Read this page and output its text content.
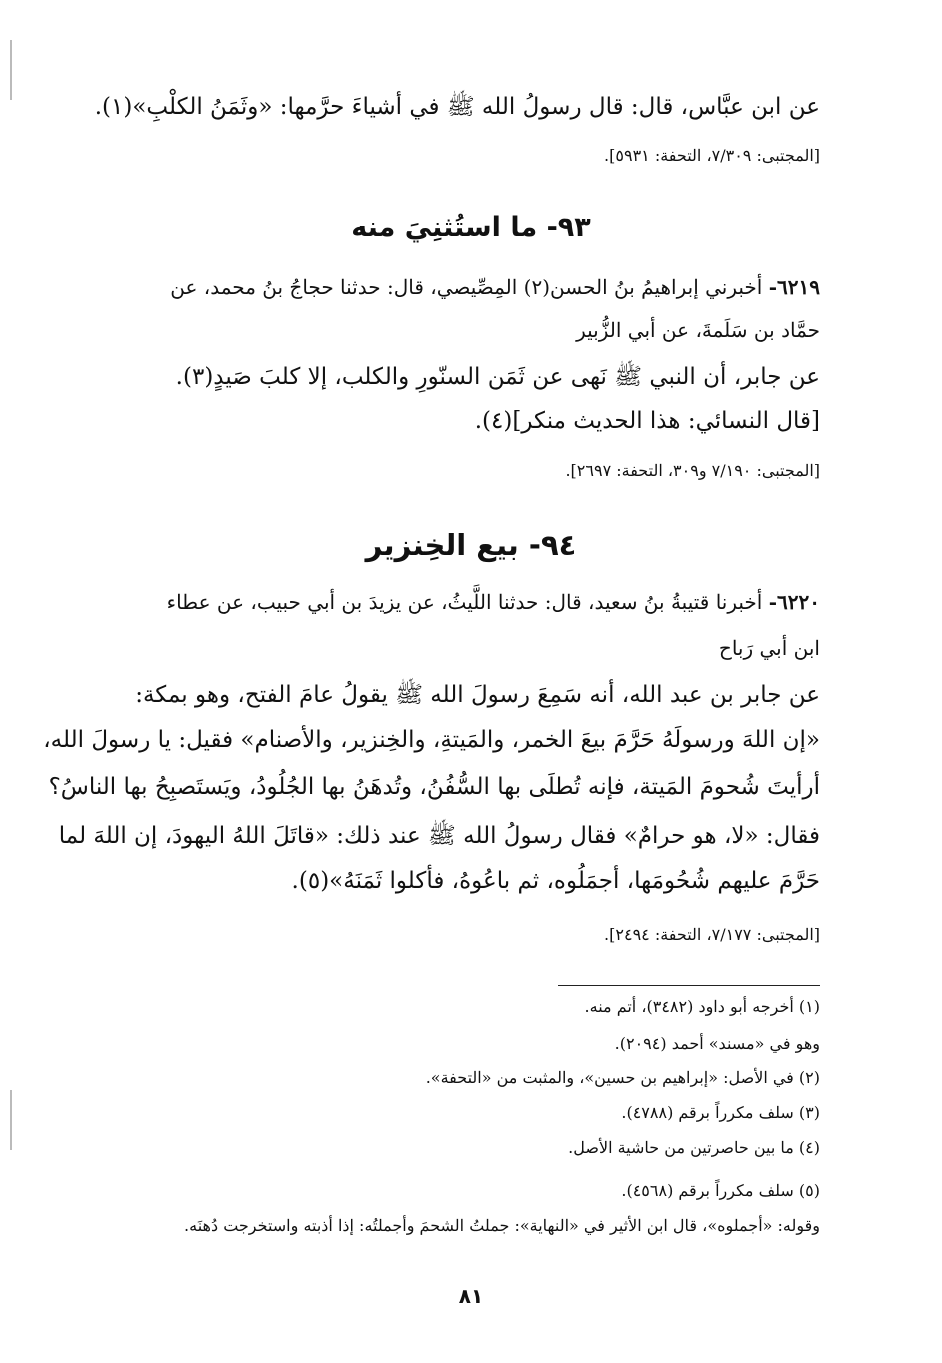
عن ابن عبَّاس، قال: قال رسولُ الله ﷺ في أشياءَ حرَّمها: «وثَمَنُ الكلْبِ»(١).
[المجتبى: ٧/٣٠٩، التحفة: ٥٩٣١].
٩٣- ما استُثنِيَ منه
٦٢١٩- أخبرني إبراهيمُ بنُ الحسن(٢) المِصِّيصي، قال: حدثنا حجاجُ بنُ محمد، عن
حمَّاد بن سَلَمةَ، عن أبي الزُّبير
عن جابر، أن النبي ﷺ نَهى عن ثَمَن السنّورِ والكلب، إلا كلبَ صَيدٍ(٣).
[قال النسائي: هذا الحديث منكر](٤).
[المجتبى: ٧/١٩٠ و٣٠٩، التحفة: ٢٦٩٧].
٩٤- بيع الخِنزير
٦٢٢٠- أخبرنا قتيبةُ بنُ سعيد، قال: حدثنا اللَّيثُ، عن يزيدَ بن أبي حبيب، عن عطاء
ابن أبي رَباح
عن جابر بن عبد الله، أنه سَمِعَ رسولَ الله ﷺ يقولُ عامَ الفتح، وهو بمكة:
«إن اللهَ ورسولَهُ حَرَّمَ بيعَ الخمر، والمَيتةِ، والخِنزير، والأصنام» فقيل: يا رسولَ الله،
أرأيتَ شُحومَ المَيتة، فإنه تُطلَى بها السُّفُنُ، وتُدهَنُ بها الجُلُودُ، ويَستَصبِحُ بها الناسُ؟
فقال: «لا، هو حرامٌ» فقال رسولُ الله ﷺ عند ذلك: «قاتَلَ اللهُ اليهودَ، إن اللهَ لما
حَرَّمَ عليهم شُحُومَها، أجمَلُوه، ثم باعُوهُ، فأكلوا ثَمَنَهُ»(٥).
[المجتبى: ٧/١٧٧، التحفة: ٢٤٩٤].
(١) أخرجه أبو داود (٣٤٨٢)، أتم منه.
وهو في «مسند» أحمد (٢٠٩٤).
(٢) في الأصل: «إبراهيم بن حسين»، والمثبت من «التحفة».
(٣) سلف مكرراً برقم (٤٧٨٨).
(٤) ما بين حاصرتين من حاشية الأصل.
(٥) سلف مكرراً برقم (٤٥٦٨).
وقوله: «أجملوه»، قال ابن الأثير في «النهاية»: جملتُ الشحمَ وأجملتُه: إذا أذبته واستخرجت دُهنَه.
٨١
